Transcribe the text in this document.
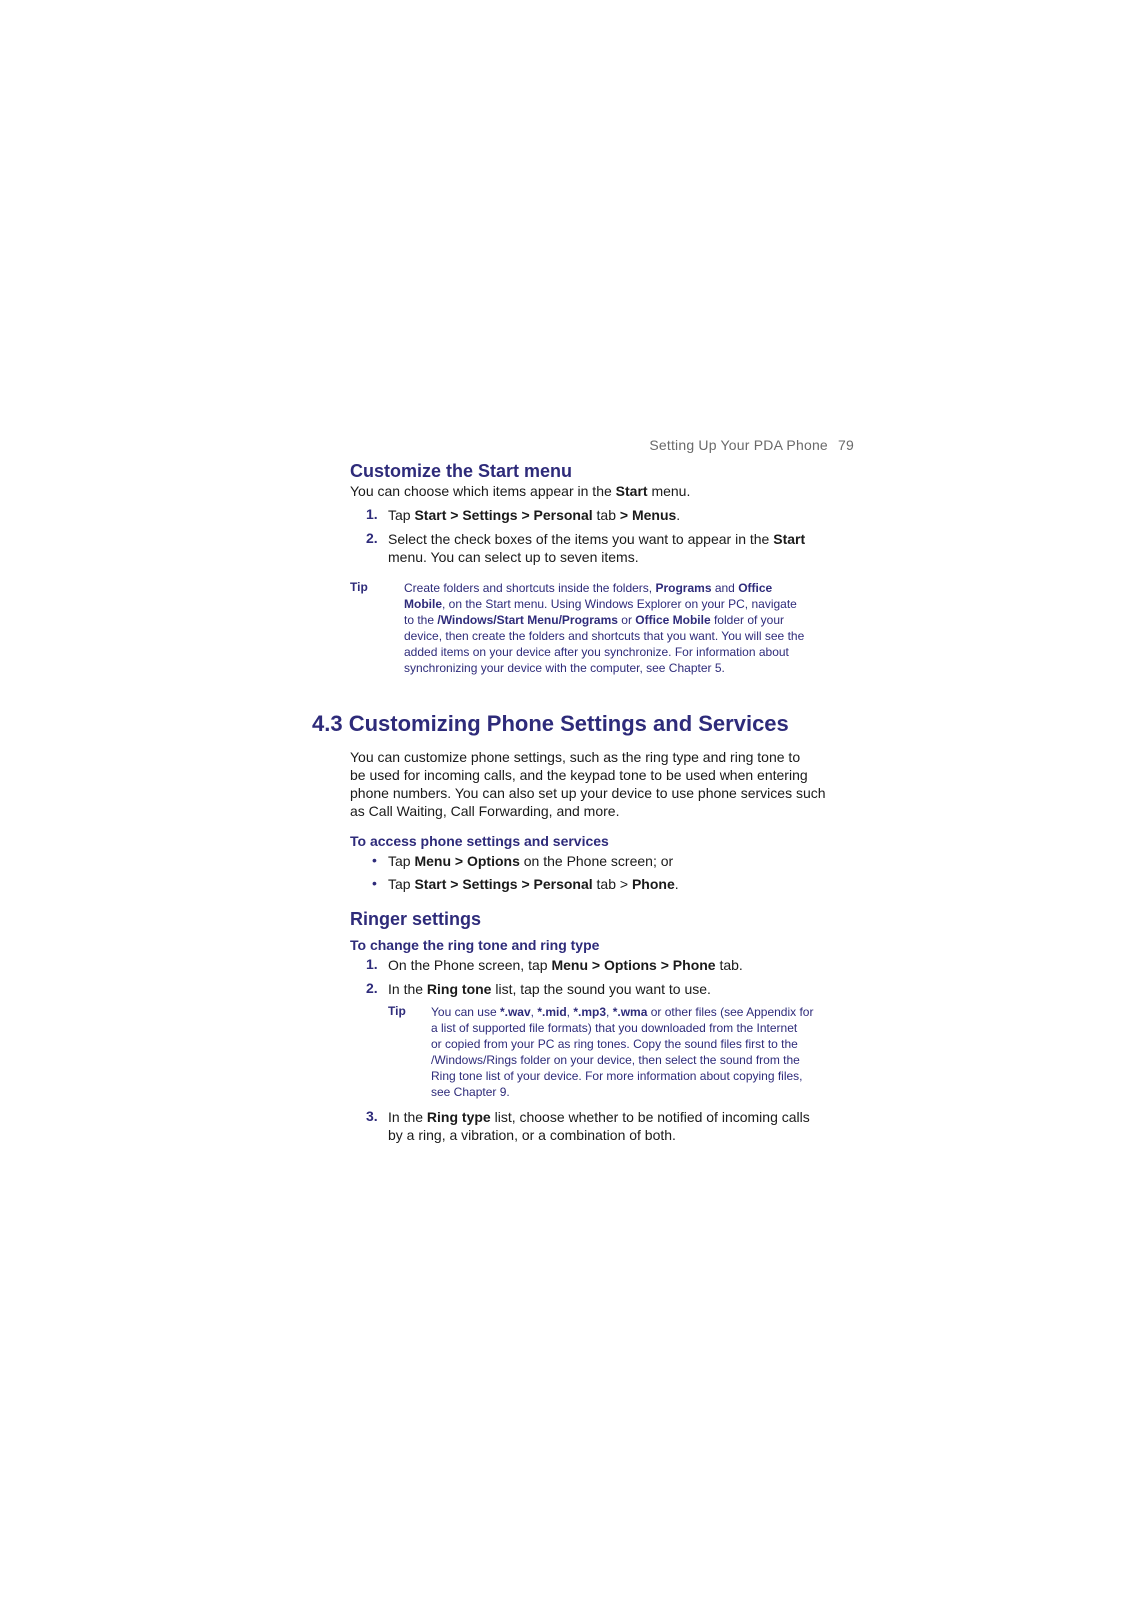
Setting Up Your PDA Phone 79
Customize the Start menu
You can choose which items appear in the Start menu.
1. Tap Start > Settings > Personal tab > Menus.
2. Select the check boxes of the items you want to appear in the Start
menu. You can select up to seven items.
Tip	Create folders and shortcuts inside the folders, Programs and Office
Mobile, on the Start menu. Using Windows Explorer on your PC, navigate
to the /Windows/Start Menu/Programs or Office Mobile folder of your
device, then create the folders and shortcuts that you want. You will see the
added items on your device after you synchronize. For information about
synchronizing your device with the computer, see Chapter 5.
4.3 Customizing Phone Settings and Services
You can customize phone settings, such as the ring type and ring tone to
be used for incoming calls, and the keypad tone to be used when entering
phone numbers. You can also set up your device to use phone services such
as Call Waiting, Call Forwarding, and more.
To access phone settings and services
• Tap Menu > Options on the Phone screen; or
• Tap Start > Settings > Personal tab > Phone.
Ringer settings
To change the ring tone and ring type
1. On the Phone screen, tap Menu > Options > Phone tab.
2. In the Ring tone list, tap the sound you want to use.
Tip You can use *.wav, *.mid, *.mp3, *.wma or other files (see Appendix for
a list of supported file formats) that you downloaded from the Internet
or copied from your PC as ring tones. Copy the sound files first to the
/Windows/Rings folder on your device, then select the sound from the
Ring tone list of your device. For more information about copying files,
see Chapter 9.
3. In the Ring type list, choose whether to be notified of incoming calls
by a ring, a vibration, or a combination of both.
